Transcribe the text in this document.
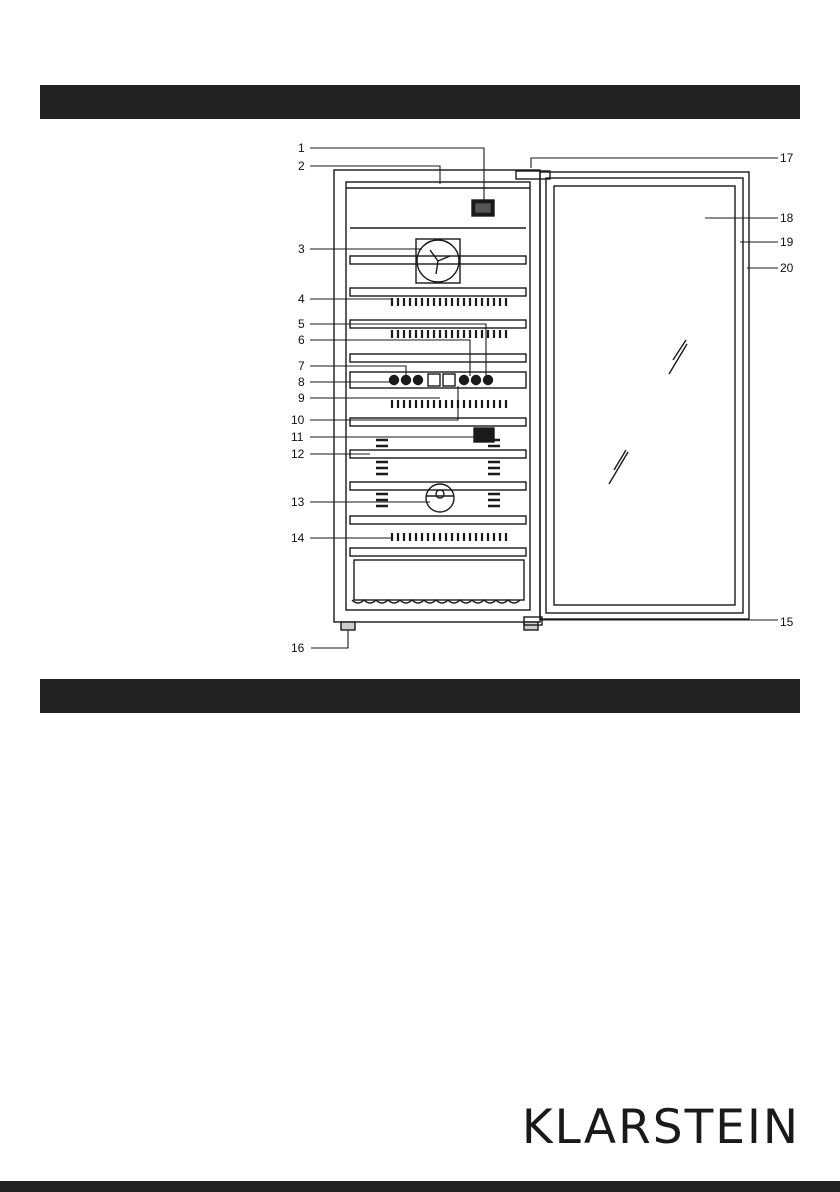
1
2
3
4
5
6
7
8
9
10
11
12
13
14
15
16
17
18
19
20
KLARSTEIN
